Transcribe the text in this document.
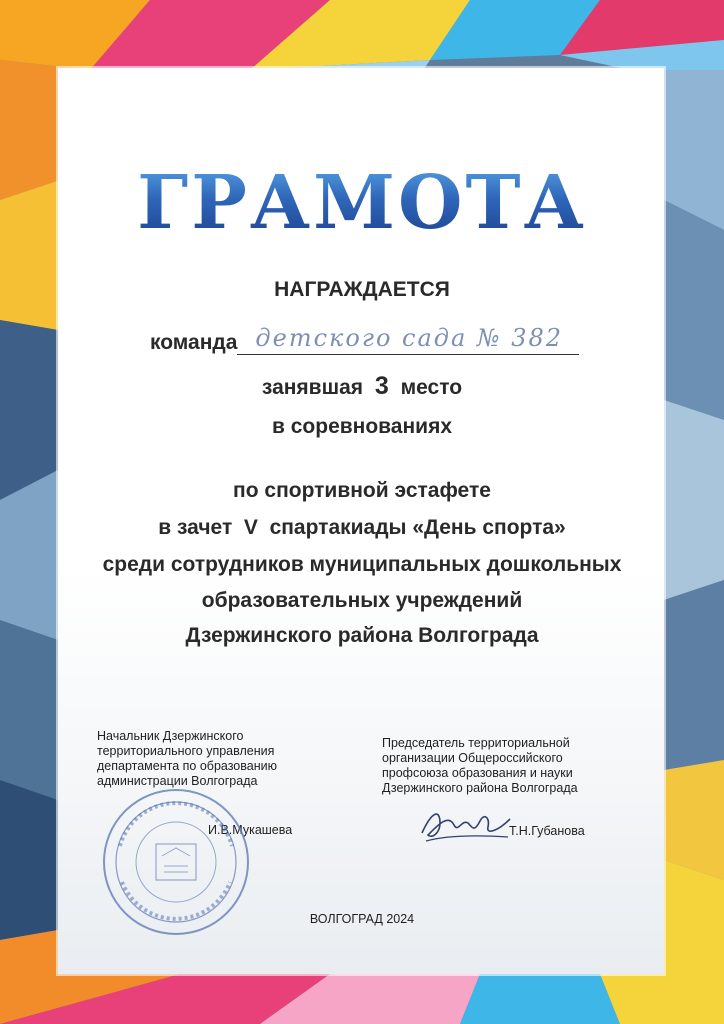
ГРАМОТА
НАГРАЖДАЕТСЯ
команда детского сада № 382
занявшая 3 место
в соревнованиях
по спортивной эстафете
в зачет  V  спартакиады «День спорта»
среди сотрудников муниципальных дошкольных
образовательных учреждений
Дзержинского района Волгограда
Начальник Дзержинского
территориального управления
департамента по образованию
администрации Волгограда
И.В.Мукашева
Председатель территориальной
организации Общероссийского
профсоюза образования и науки
Дзержинского района Волгограда
Т.Н.Губанова
ВОЛГОГРАД 2024
